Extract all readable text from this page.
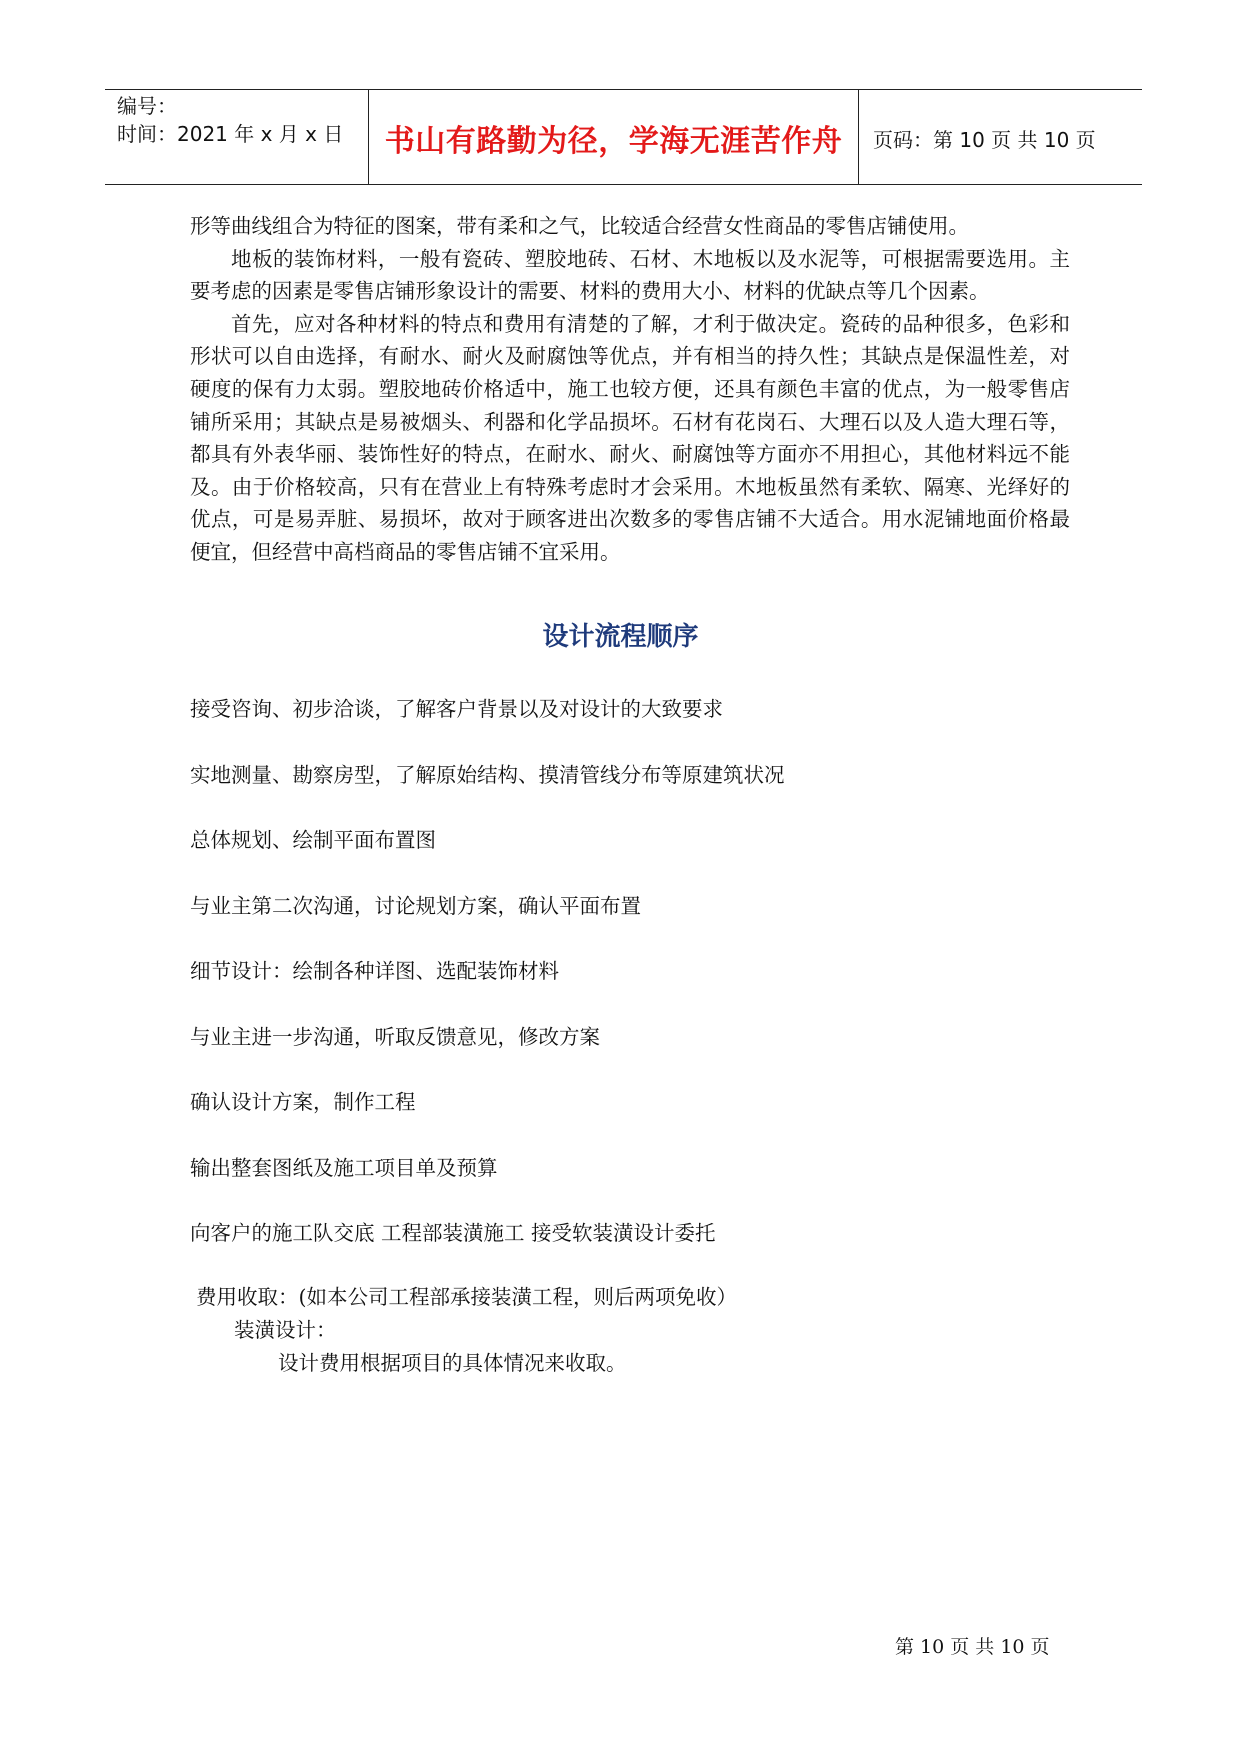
编号：
时间：2021 年 x 月 x 日	书山有路勤为径，学海无涯苦作舟	页码：第 10 页 共 10 页

形等曲线组合为特征的图案，带有柔和之气，比较适合经营女性商品的零售店铺使用。

地板的装饰材料，一般有瓷砖、塑胶地砖、石材、木地板以及水泥等，可根据需要选用。主要考虑的因素是零售店铺形象设计的需要、材料的费用大小、材料的优缺点等几个因素。

首先，应对各种材料的特点和费用有清楚的了解，才利于做决定。瓷砖的品种很多，色彩和形状可以自由选择，有耐水、耐火及耐腐蚀等优点，并有相当的持久性；其缺点是保温性差，对硬度的保有力太弱。塑胶地砖价格适中，施工也较方便，还具有颜色丰富的优点，为一般零售店铺所采用；其缺点是易被烟头、利器和化学品损坏。石材有花岗石、大理石以及人造大理石等，都具有外表华丽、装饰性好的特点，在耐水、耐火、耐腐蚀等方面亦不用担心，其他材料远不能及。由于价格较高，只有在营业上有特殊考虑时才会采用。木地板虽然有柔软、隔寒、光绎好的优点，可是易弄脏、易损坏，故对于顾客进出次数多的零售店铺不大适合。用水泥铺地面价格最便宜，但经营中高档商品的零售店铺不宜采用。

设计流程顺序
接受咨询、初步洽谈，了解客户背景以及对设计的大致要求
实地测量、勘察房型，了解原始结构、摸清管线分布等原建筑状况
总体规划、绘制平面布置图
与业主第二次沟通，讨论规划方案，确认平面布置
细节设计：绘制各种详图、选配装饰材料
与业主进一步沟通，听取反馈意见，修改方案
确认设计方案，制作工程
输出整套图纸及施工项目单及预算
向客户的施工队交底 工程部装潢施工 接受软装潢设计委托
费用收取：(如本公司工程部承接装潢工程，则后两项免收）
装潢设计：
设计费用根据项目的具体情况来收取。
第 10 页 共 10 页
